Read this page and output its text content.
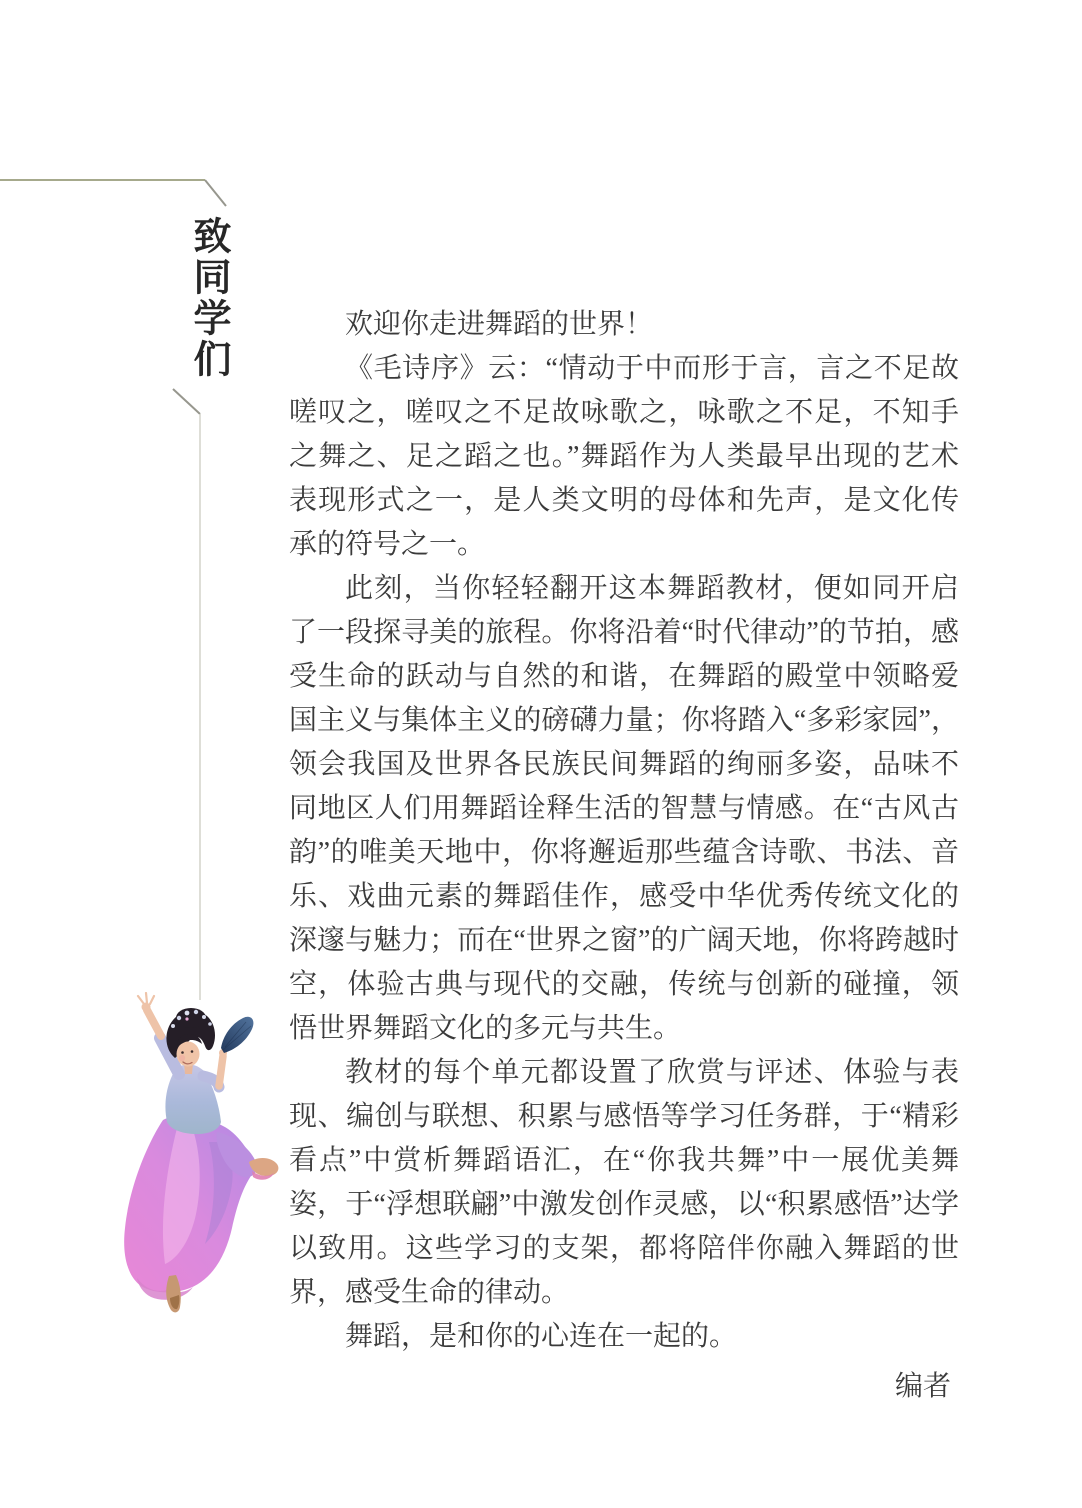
致同学们	欢迎你走进舞蹈的世界！

《毛诗序》云：“情动于中而形于言，言之不足故嗟叹之，嗟叹之不足故咏歌之，咏歌之不足，不知手之舞之、足之蹈之也。”舞蹈作为人类最早出现的艺术表现形式之一，是人类文明的母体和先声，是文化传承的符号之一。

此刻，当你轻轻翻开这本舞蹈教材，便如同开启了一段探寻美的旅程。你将沿着“时代律动”的节拍，感受生命的跃动与自然的和谐，在舞蹈的殿堂中领略爱国主义与集体主义的磅礴力量；你将踏入“多彩家园”，领会我国及世界各民族民间舞蹈的绚丽多姿，品味不同地区人们用舞蹈诠释生活的智慧与情感。在“古风古韵”的唯美天地中，你将邂逅那些蕴含诗歌、书法、音乐、戏曲元素的舞蹈佳作，感受中华优秀传统文化的深邃与魅力；而在“世界之窗”的广阔天地，你将跨越时空，体验古典与现代的交融，传统与创新的碰撞，领悟世界舞蹈文化的多元与共生。

教材的每个单元都设置了欣赏与评述、体验与表现、编创与联想、积累与感悟等学习任务群，于“精彩看点”中赏析舞蹈语汇，在“你我共舞”中一展优美舞姿，于“浮想联翩”中激发创作灵感，以“积累感悟”达学以致用。这些学习的支架，都将陪伴你融入舞蹈的世界，感受生命的律动。

舞蹈，是和你的心连在一起的。

编者
